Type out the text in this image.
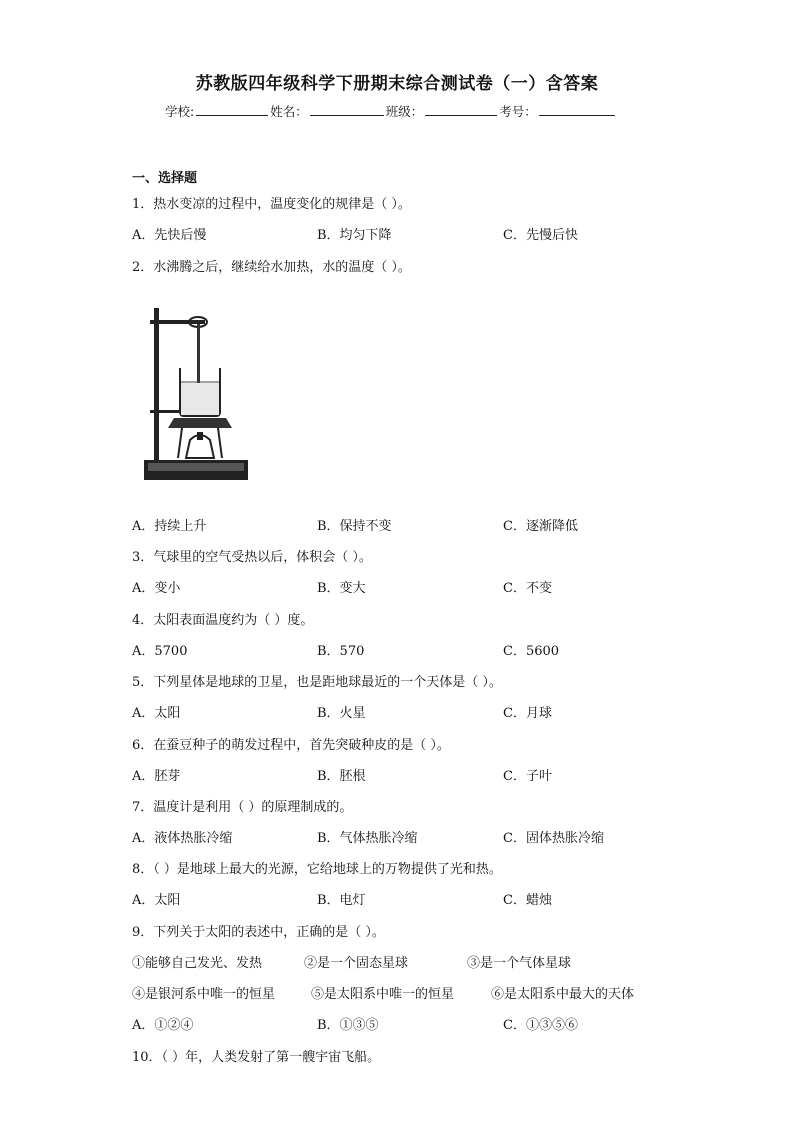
苏教版四年级科学下册期末综合测试卷（一）含答案
学校:	姓名：	班级：	考号：
一、选择题
1．热水变凉的过程中，温度变化的规律是（ ）。
A．先快后慢	B．均匀下降	C．先慢后快
2．水沸腾之后，继续给水加热，水的温度（ ）。
A．持续上升	B．保持不变	C．逐渐降低
3．气球里的空气受热以后，体积会（ ）。
A．变小	B．变大	C．不变
4．太阳表面温度约为（ ）度。
A．5700	B．570	C．5600
5．下列星体是地球的卫星，也是距地球最近的一个天体是（ ）。
A．太阳	B．火星	C．月球
6．在蚕豆种子的萌发过程中，首先突破种皮的是（ ）。
A．胚芽	B．胚根	C．子叶
7．温度计是利用（ ）的原理制成的。
A．液体热胀冷缩	B．气体热胀冷缩	C．固体热胀冷缩
8．（ ）是地球上最大的光源，它给地球上的万物提供了光和热。
A．太阳	B．电灯	C．蜡烛
9．下列关于太阳的表述中，正确的是（ ）。
①能够自己发光、发热	②是一个固态星球	③是一个气体星球
④是银河系中唯一的恒星	⑤是太阳系中唯一的恒星	⑥是太阳系中最大的天体
A．①②④	B．①③⑤	C．①③⑤⑥
10．（ ）年，人类发射了第一艘宇宙飞船。
